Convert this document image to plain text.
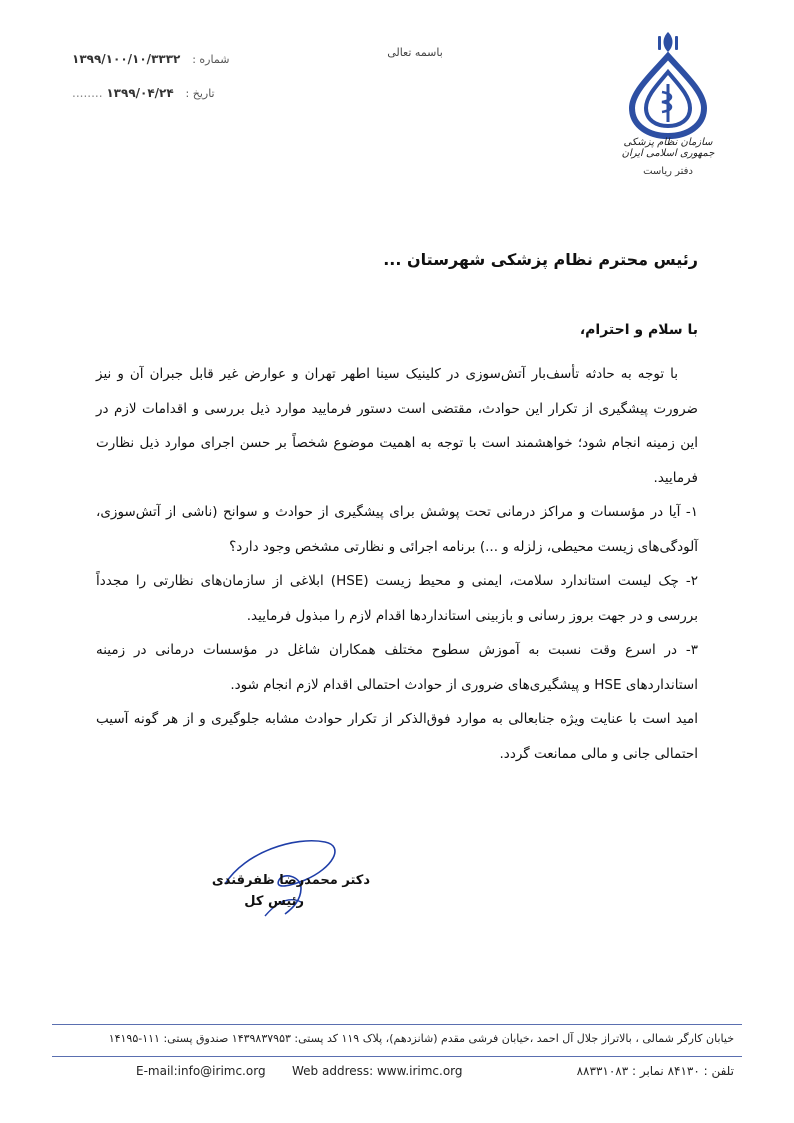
باسمه تعالی
شماره : ۱۳۹۹/۱۰۰/۱۰/۳۳۳۲
تاریخ : ۱۳۹۹/۰۴/۲۴ ........
سازمان نظام پزشکی جمهوری اسلامی ایران
دفتر ریاست
رئیس محترم نظام پزشکی شهرستان ...
با سلام و احترام،

با توجه به حادثه تأسف‌بار آتش‌سوزی در کلینیک سینا اطهر تهران و عوارض غیر قابل جبران آن و نیز ضرورت پیشگیری از تکرار این حوادث، مقتضی است دستور فرمایید موارد ذیل بررسی و اقدامات لازم در این زمینه انجام شود؛ خواهشمند است با توجه به اهمیت موضوع شخصاً بر حسن اجرای موارد ذیل نظارت فرمایید.

۱- آیا در مؤسسات و مراکز درمانی تحت پوشش برای پیشگیری از حوادث و سوانح (ناشی از آتش‌سوزی، آلودگی‌های زیست محیطی، زلزله و ...) برنامه اجرائی و نظارتی مشخص وجود دارد؟

۲- چک لیست استاندارد سلامت، ایمنی و محیط زیست (HSE) ابلاغی از سازمان‌های نظارتی را مجدداً بررسی و در جهت بروز رسانی و بازبینی استانداردها اقدام لازم را مبذول فرمایید.

۳- در اسرع وقت نسبت به آموزش سطوح مختلف همکاران شاغل در مؤسسات درمانی در زمینه استانداردهای HSE و پیشگیری‌های ضروری از حوادث احتمالی اقدام لازم انجام شود.

امید است با عنایت ویژه جنابعالی به موارد فوق‌الذکر از تکرار حوادث مشابه جلوگیری و از هر گونه آسیب احتمالی جانی و مالی ممانعت گردد.

دکتر محمدرضا ظفرقندی
رئیس کل
خیابان کارگر شمالی ، بالاتراز جلال آل احمد ،خیابان فرشی مقدم (شانزدهم)، پلاک ۱۱۹ کد پستی: ۱۴۳۹۸۳۷۹۵۳ صندوق پستی: ۱۱۱-۱۴۱۹۵
E-mail:info@irimc.org Web address: www.irimc.org	تلفن : ۸۴۱۳۰ نمابر : ۸۸۳۳۱۰۸۳
